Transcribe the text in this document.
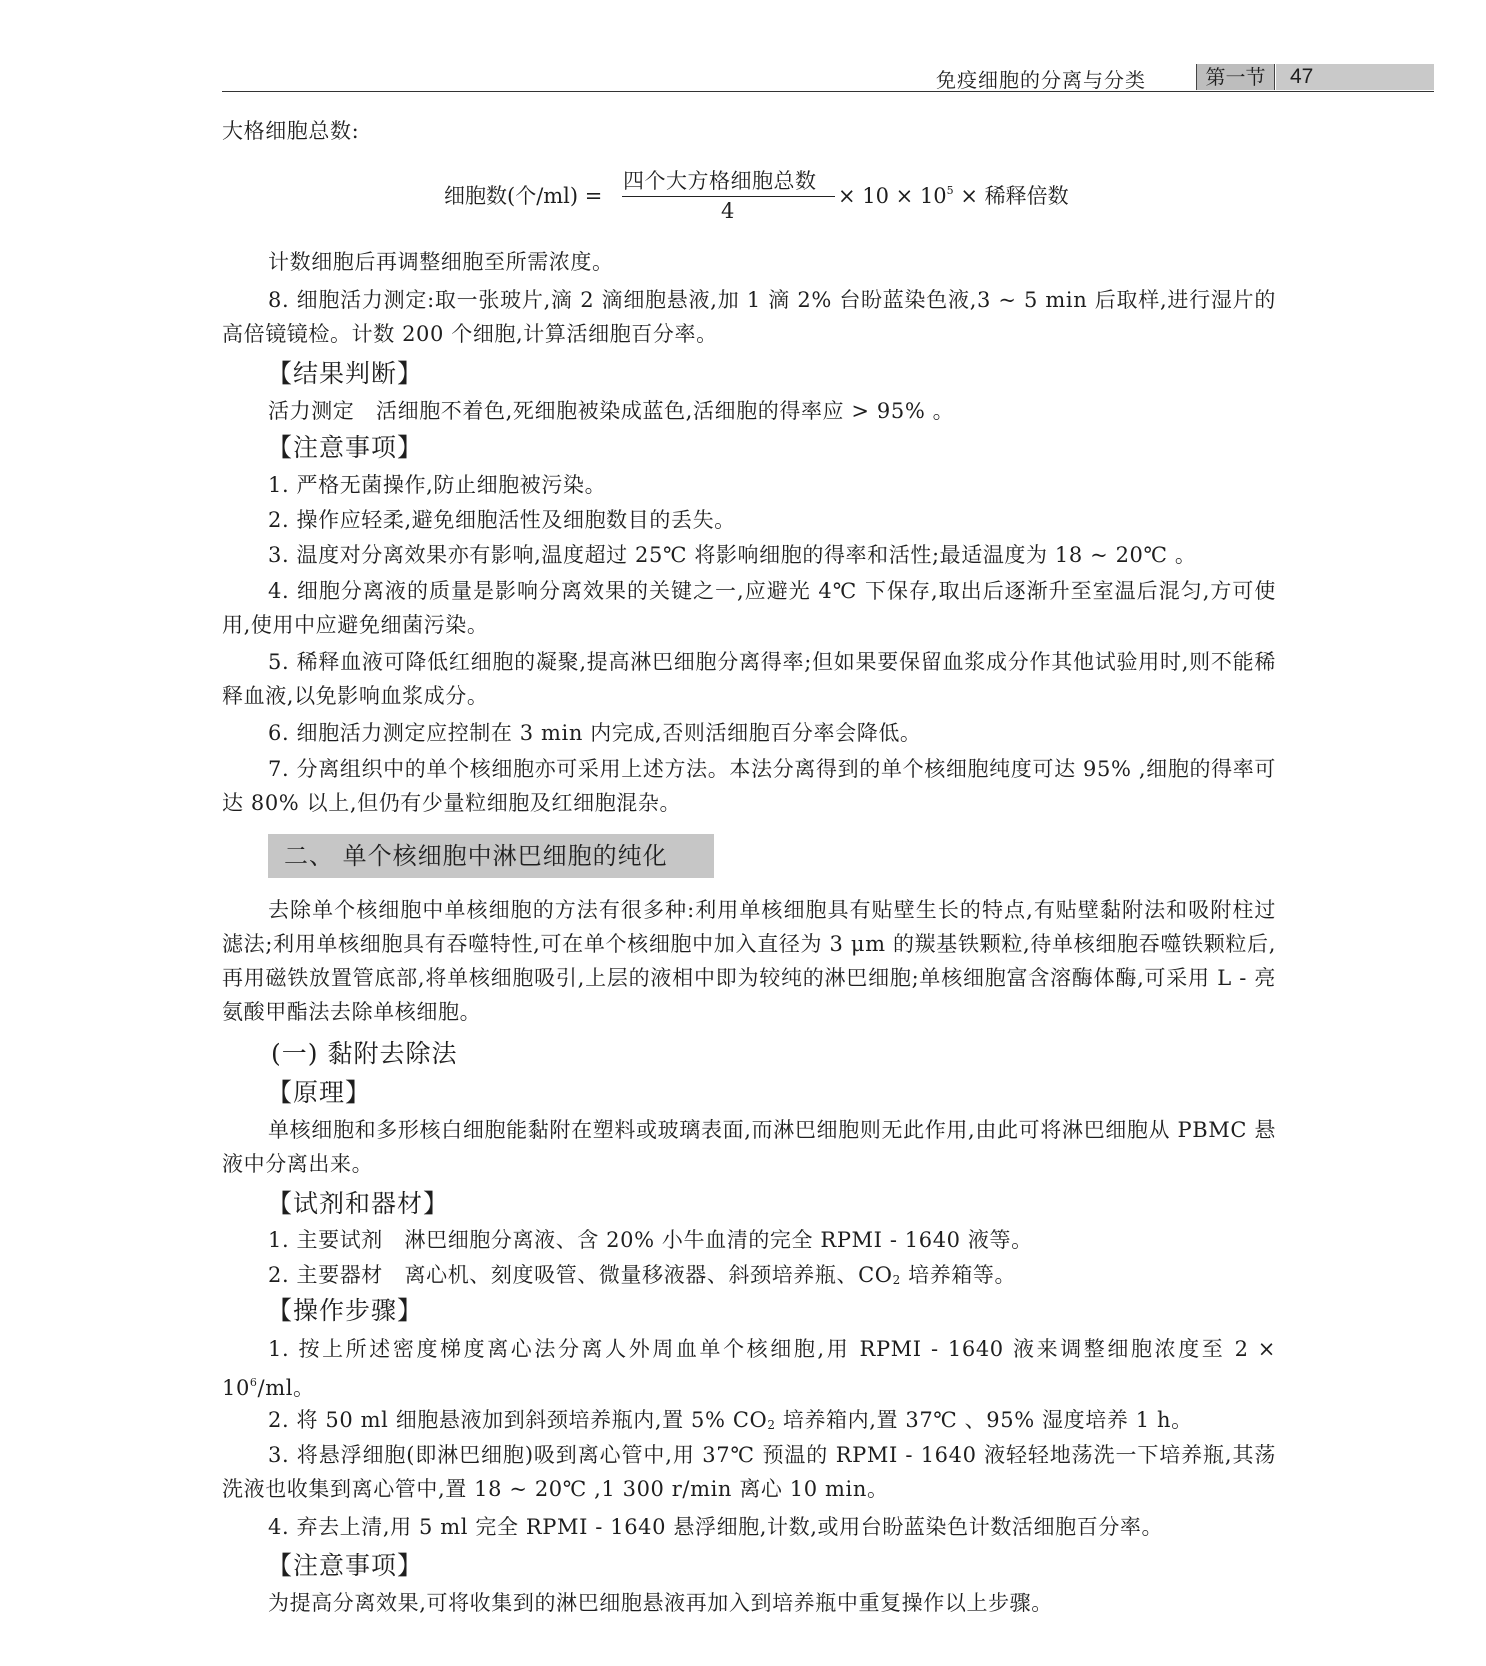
免疫细胞的分离与分类	第一节	47
大格细胞总数:
细胞数(个/ml) =
四个大方格细胞总数
4
× $10 \times 10^5$ × 稀释倍数
计数细胞后再调整细胞至所需浓度。
8. 细胞活力测定:取一张玻片,滴 2 滴细胞悬液,加 1 滴 2% 台盼蓝染色液,3 ~ 5 min 后取样,进行湿片的高倍镜镜检。计数 200 个细胞,计算活细胞百分率。
【结果判断】
活力测定　活细胞不着色,死细胞被染成蓝色,活细胞的得率应 > 95% 。
【注意事项】
1. 严格无菌操作,防止细胞被污染。
2. 操作应轻柔,避免细胞活性及细胞数目的丢失。
3. 温度对分离效果亦有影响,温度超过 25℃ 将影响细胞的得率和活性;最适温度为 18 ~ 20℃ 。
4. 细胞分离液的质量是影响分离效果的关键之一,应避光 4℃ 下保存,取出后逐渐升至室温后混匀,方可使用,使用中应避免细菌污染。
5. 稀释血液可降低红细胞的凝聚,提高淋巴细胞分离得率;但如果要保留血浆成分作其他试验用时,则不能稀释血液,以免影响血浆成分。
6. 细胞活力测定应控制在 3 min 内完成,否则活细胞百分率会降低。
7. 分离组织中的单个核细胞亦可采用上述方法。本法分离得到的单个核细胞纯度可达 95% ,细胞的得率可达 80% 以上,但仍有少量粒细胞及红细胞混杂。
二、 单个核细胞中淋巴细胞的纯化
去除单个核细胞中单核细胞的方法有很多种:利用单核细胞具有贴壁生长的特点,有贴壁黏附法和吸附柱过滤法;利用单核细胞具有吞噬特性,可在单个核细胞中加入直径为 3 μm 的羰基铁颗粒,待单核细胞吞噬铁颗粒后,再用磁铁放置管底部,将单核细胞吸引,上层的液相中即为较纯的淋巴细胞;单核细胞富含溶酶体酶,可采用 L - 亮氨酸甲酯法去除单核细胞。
(一) 黏附去除法
【原理】
单核细胞和多形核白细胞能黏附在塑料或玻璃表面,而淋巴细胞则无此作用,由此可将淋巴细胞从 PBMC 悬液中分离出来。
【试剂和器材】
1. 主要试剂　淋巴细胞分离液、含 20% 小牛血清的完全 RPMI - 1640 液等。
2. 主要器材　离心机、刻度吸管、微量移液器、斜颈培养瓶、$CO_2$ 培养箱等。
【操作步骤】
1. 按上所述密度梯度离心法分离人外周血单个核细胞,用 RPMI - 1640 液来调整细胞浓度至 $2 \times 10^6/ml$。
2. 将 50 ml 细胞悬液加到斜颈培养瓶内,置 5% $CO_2$ 培养箱内,置 37℃ 、95% 湿度培养 1 h。
3. 将悬浮细胞(即淋巴细胞)吸到离心管中,用 37℃ 预温的 RPMI - 1640 液轻轻地荡洗一下培养瓶,其荡洗液也收集到离心管中,置 18 ~ 20℃ ,1 300 r/min 离心 10 min。
4. 弃去上清,用 5 ml 完全 RPMI - 1640 悬浮细胞,计数,或用台盼蓝染色计数活细胞百分率。
【注意事项】
为提高分离效果,可将收集到的淋巴细胞悬液再加入到培养瓶中重复操作以上步骤。
